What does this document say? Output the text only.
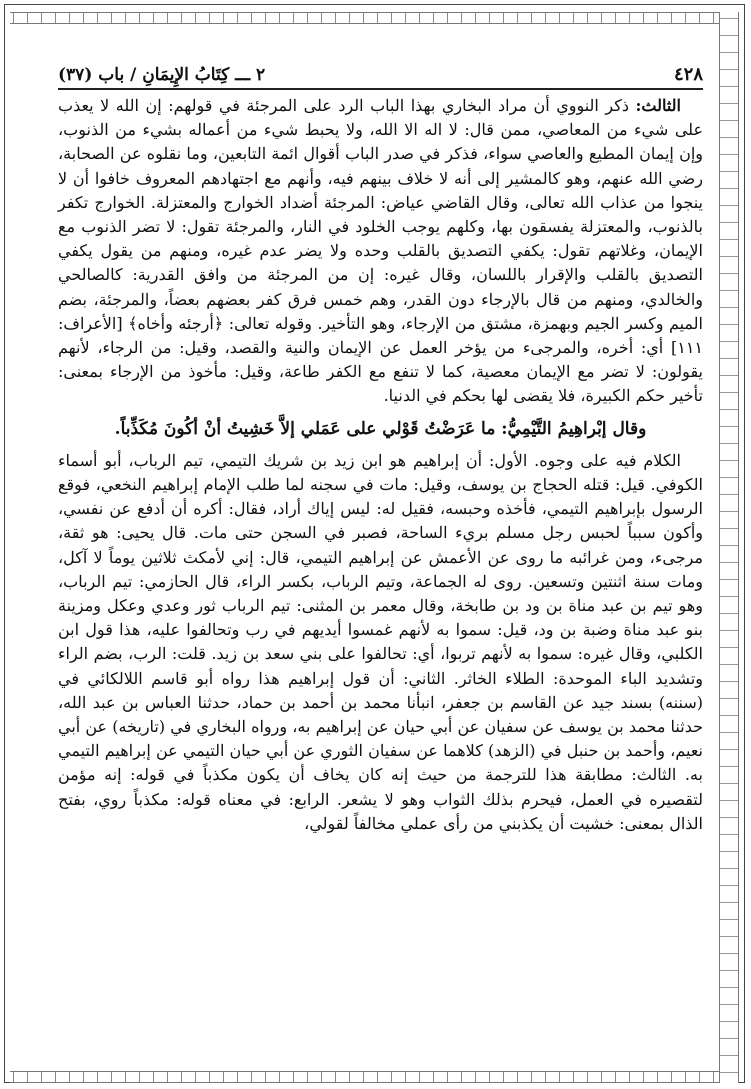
٤٢٨
٢ ـــ كِتَابُ الإِيمَانِ / باب (٣٧)

الثالث: ذكر النووي أن مراد البخاري بهذا الباب الرد على المرجئة في قولهم: إن الله لا يعذب على شيء من المعاصي، ممن قال: لا اله الا الله، ولا يحبط شيء من أعماله بشيء من الذنوب، وإن إيمان المطيع والعاصي سواء، فذكر في صدر الباب أقوال ائمة التابعين، وما نقلوه عن الصحابة، رضي الله عنهم، وهو كالمشير إلى أنه لا خلاف بينهم فيه، وأنهم مع اجتهادهم المعروف خافوا أن لا ينجوا من عذاب الله تعالى، وقال القاضي عياض: المرجئة أضداد الخوارج والمعتزلة. الخوارج تكفر بالذنوب، والمعتزلة يفسقون بها، وكلهم يوجب الخلود في النار، والمرجئة تقول: لا تضر الذنوب مع الإيمان، وغلاتهم تقول: يكفي التصديق بالقلب وحده ولا يضر عدم غيره، ومنهم من يقول يكفي التصديق بالقلب والإقرار باللسان، وقال غيره: إن من المرجئة من وافق القدرية: كالصالحي والخالدي، ومنهم من قال بالإرجاء دون القدر، وهم خمس فرق كفر بعضهم بعضاً، والمرجئة، بضم الميم وكسر الجيم وبهمزة، مشتق من الإرجاء، وهو التأخير. وقوله تعالى: ﴿أرجئه وأخاه﴾ [الأعراف: ١١١] أي: أخره، والمرجىء من يؤخر العمل عن الإيمان والنية والقصد، وقيل: من الرجاء، لأنهم يقولون: لا تضر مع الإيمان معصية، كما لا تنفع مع الكفر طاعة، وقيل: مأخوذ من الإرجاء بمعنى: تأخير حكم الكبيرة، فلا يقضى لها بحكم في الدنيا.

وقال إبْراهِيمُ التَّيْمِيُّ: ما عَرَضْتُ قَوْلي على عَمَلي إلاَّ خَشِيتُ أنْ أكُونَ مُكَذِّباً.

الكلام فيه على وجوه. الأول: أن إبراهيم هو ابن زيد بن شريك التيمي، تيم الرباب، أبو أسماء الكوفي. قيل: قتله الحجاج بن يوسف، وقيل: مات في سجنه لما طلب الإمام إبراهيم النخعي، فوقع الرسول بإبراهيم التيمي، فأخذه وحبسه، فقيل له: ليس إياك أراد، فقال: أكره أن أدفع عن نفسي، وأكون سبباً لحبس رجل مسلم بريء الساحة، فصبر في السجن حتى مات. قال يحيى: هو ثقة، مرجىء، ومن غرائبه ما روى عن الأعمش عن إبراهيم التيمي، قال: إني لأمكث ثلاثين يوماً لا آكل، ومات سنة اثنتين وتسعين. روى له الجماعة، وتيم الرباب، بكسر الراء، قال الحازمي: تيم الرباب، وهو تيم بن عبد مناة بن ود بن طابخة، وقال معمر بن المثنى: تيم الرباب ثور وعدي وعكل ومزينة بنو عبد مناة وضبة بن ود، قيل: سموا به لأنهم غمسوا أيديهم في رب وتحالفوا عليه، هذا قول ابن الكلبي، وقال غيره: سموا به لأنهم تربوا، أي: تحالفوا على بني سعد بن زيد. قلت: الرب، بضم الراء وتشديد الباء الموحدة: الطلاء الخاثر. الثاني: أن قول إبراهيم هذا رواه أبو قاسم اللالكائي في (سننه) بسند جيد عن القاسم بن جعفر، انبأنا محمد بن أحمد بن حماد، حدثنا العباس بن عبد الله، حدثنا محمد بن يوسف عن سفيان عن أبي حيان عن إبراهيم به، ورواه البخاري في (تاريخه) عن أبي نعيم، وأحمد بن حنبل في (الزهد) كلاهما عن سفيان الثوري عن أبي حيان التيمي عن إبراهيم التيمي به. الثالث: مطابقة هذا للترجمة من حيث إنه كان يخاف أن يكون مكذباً في قوله: إنه مؤمن لتقصيره في العمل، فيحرم بذلك الثواب وهو لا يشعر. الرابع: في معناه قوله: مكذباً روي، بفتح الذال بمعنى: خشيت أن يكذبني من رأى عملي مخالفاً لقولي،
